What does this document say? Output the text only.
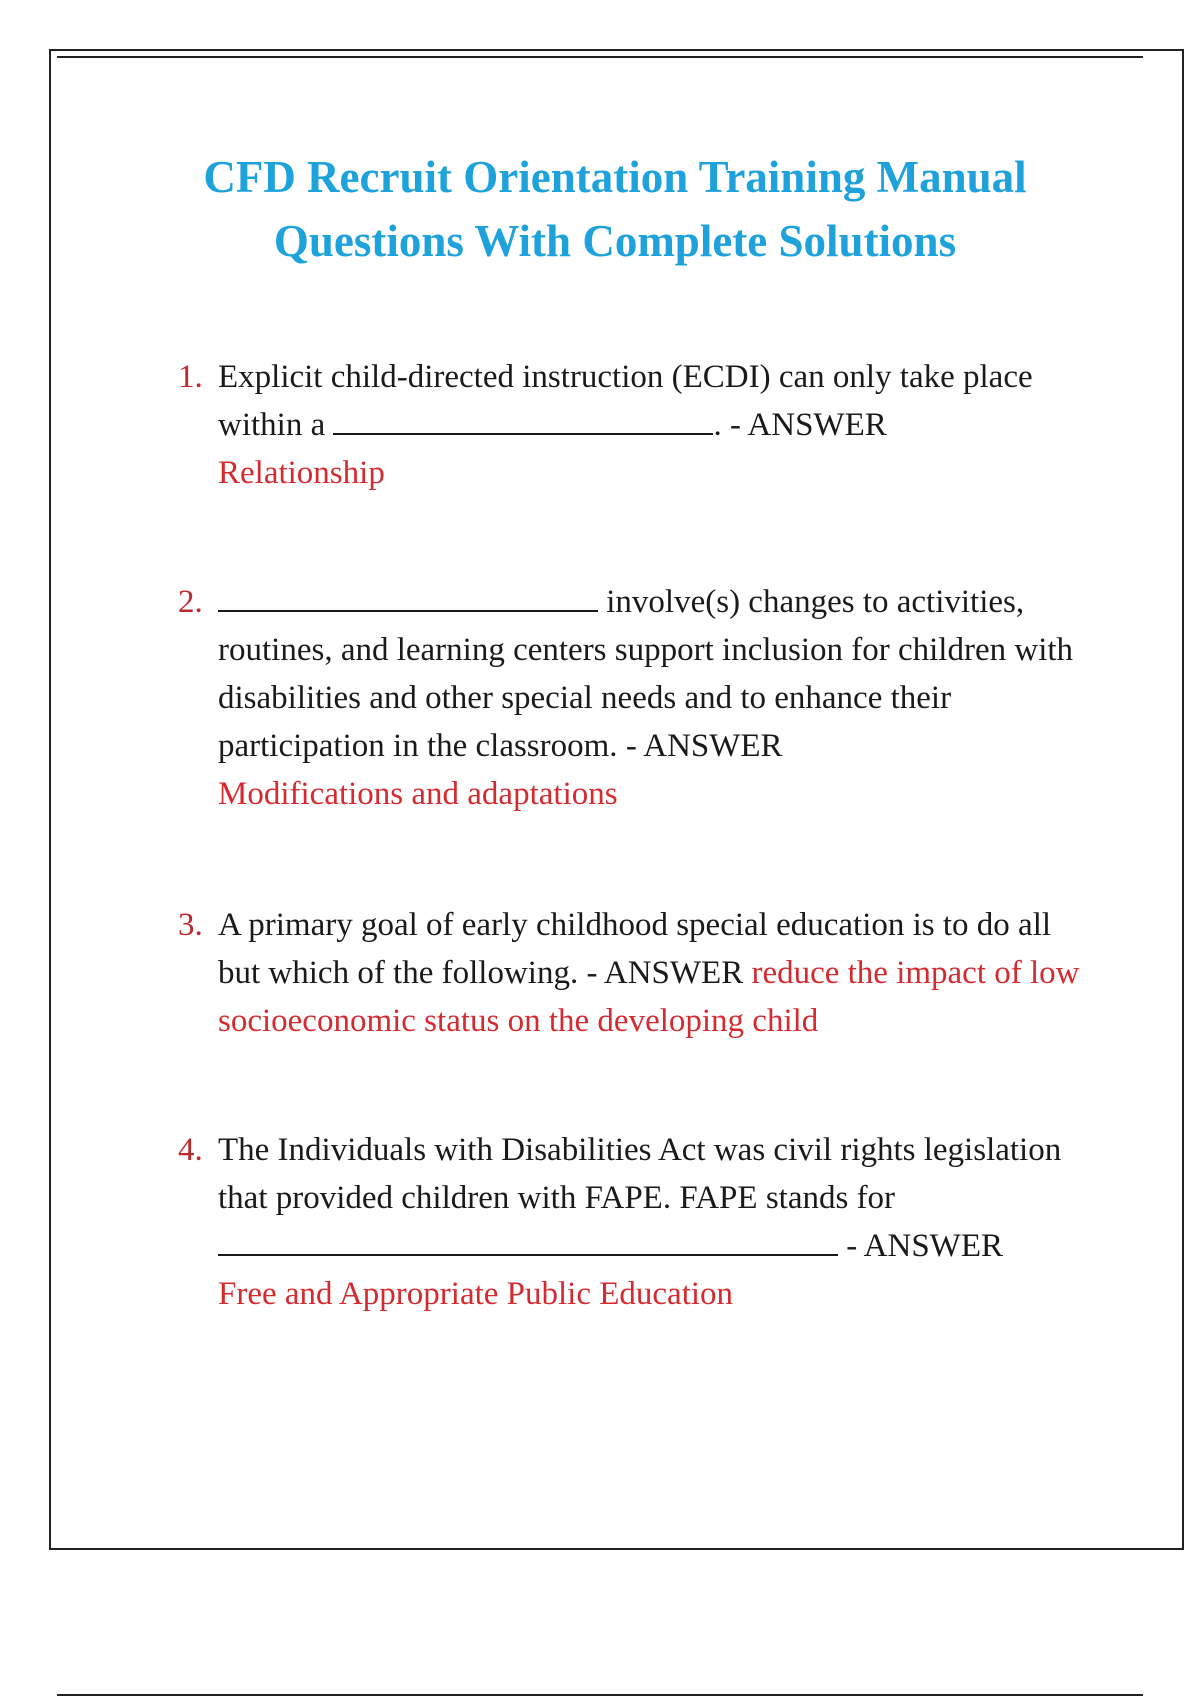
CFD Recruit Orientation Training Manual
Questions With Complete Solutions
1. Explicit child-directed instruction (ECDI) can only take place within a	. - ANSWER
Relationship
2.	involve(s) changes to activities, routines, and learning centers support inclusion for children with disabilities and other special needs and to enhance their participation in the classroom. - ANSWER
Modifications and adaptations
3. A primary goal of early childhood special education is to do all but which of the following. - ANSWER reduce the impact of low socioeconomic status on the developing child
4. The Individuals with Disabilities Act was civil rights legislation that provided children with FAPE. FAPE stands for  - ANSWER
Free and Appropriate Public Education
